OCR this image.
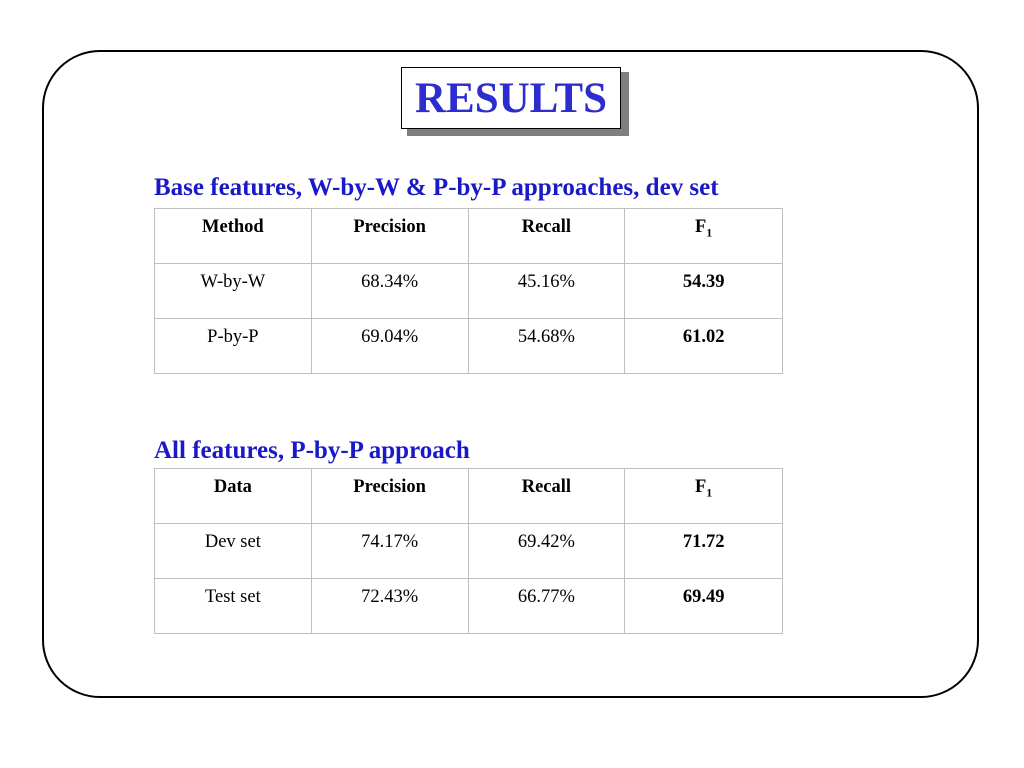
RESULTS
Base features, W-by-W & P-by-P approaches, dev set
Method	Precision	Recall	$F_1$
W-by-W	68.34%	45.16%	54.39
P-by-P	69.04%	54.68%	61.02
All features, P-by-P approach
Data	Precision	Recall	$F_1$
Dev set	74.17%	69.42%	71.72
Test set	72.43%	66.77%	69.49
